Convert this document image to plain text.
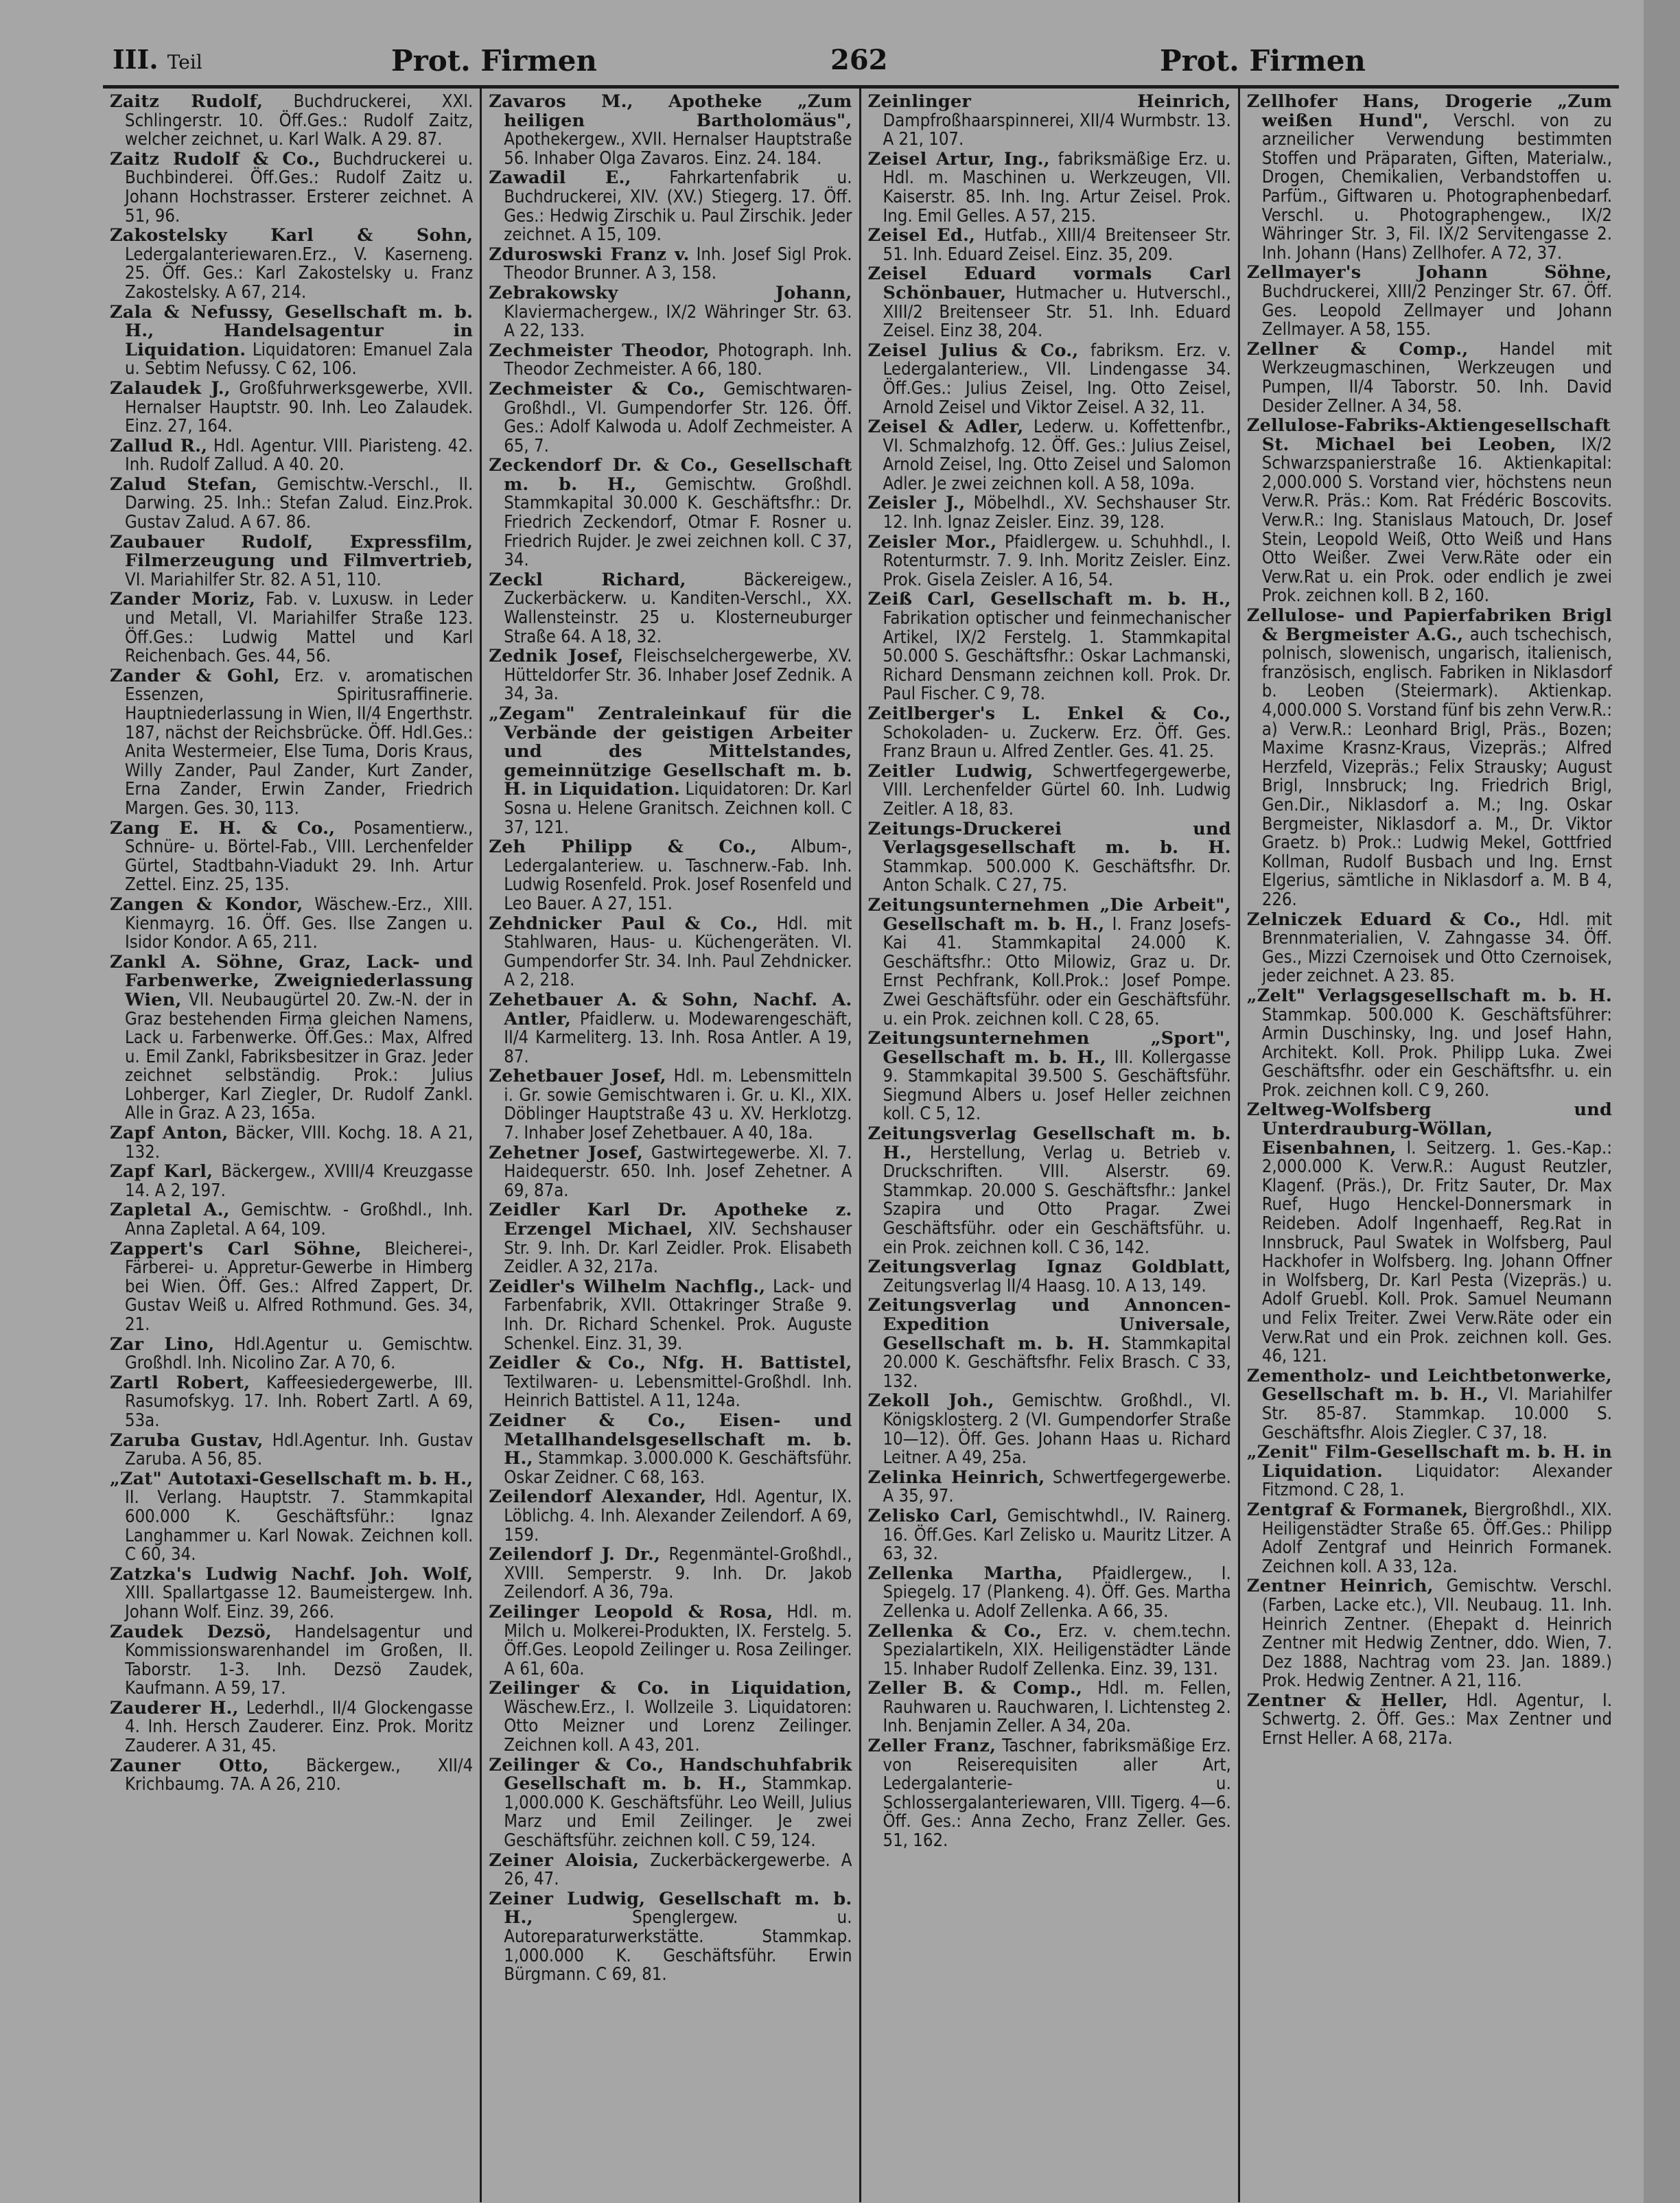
III. Teil	Prot. Firmen	262	Prot. Firmen
Zaitz Rudolf, Buchdruckerei, XXI. Schlingerstr. 10. Öff.Ges.: Rudolf Zaitz, welcher zeichnet, u. Karl Walk. A 29. 87.
Zaitz Rudolf & Co., Buchdruckerei u. Buchbinderei. Öff.Ges.: Rudolf Zaitz u. Johann Hochstrasser. Ersterer zeichnet. A 51, 96.
Zakostelsky Karl & Sohn, Ledergalanteriewaren.Erz., V. Kaserneng. 25. Öff. Ges.: Karl Zakostelsky u. Franz Zakostelsky. A 67, 214.
Zala & Nefussy, Gesellschaft m. b. H., Handelsagentur in Liquidation. Liquidatoren: Emanuel Zala u. Sebtim Nefussy. C 62, 106.
Zalaudek J., Großfuhrwerksgewerbe, XVII. Hernalser Hauptstr. 90. Inh. Leo Zalaudek. Einz. 27, 164.
Zallud R., Hdl. Agentur. VIII. Piaristeng. 42. Inh. Rudolf Zallud. A 40. 20.
Zalud Stefan, Gemischtw.-Verschl., II. Darwing. 25. Inh.: Stefan Zalud. Einz.Prok. Gustav Zalud. A 67. 86.
Zaubauer Rudolf, Expressfilm, Filmerzeugung und Filmvertrieb, VI. Mariahilfer Str. 82. A 51, 110.
Zander Moriz, Fab. v. Luxusw. in Leder und Metall, VI. Mariahilfer Straße 123. Öff.Ges.: Ludwig Mattel und Karl Reichenbach. Ges. 44, 56.
Zander & Gohl, Erz. v. aromatischen Essenzen, Spiritusraffinerie. Hauptniederlassung in Wien, II/4 Engerthstr. 187, nächst der Reichsbrücke. Öff. Hdl.Ges.: Anita Westermeier, Else Tuma, Doris Kraus, Willy Zander, Paul Zander, Kurt Zander, Erna Zander, Erwin Zander, Friedrich Margen. Ges. 30, 113.
Zang E. H. & Co., Posamentierw., Schnüre- u. Börtel-Fab., VIII. Lerchenfelder Gürtel, Stadtbahn-Viadukt 29. Inh. Artur Zettel. Einz. 25, 135.
Zangen & Kondor, Wäschew.-Erz., XIII. Kienmayrg. 16. Öff. Ges. Ilse Zangen u. Isidor Kondor. A 65, 211.
Zankl A. Söhne, Graz, Lack- und Farbenwerke, Zweigniederlassung Wien, VII. Neubaugürtel 20. Zw.-N. der in Graz bestehenden Firma gleichen Namens, Lack u. Farbenwerke. Öff.Ges.: Max, Alfred u. Emil Zankl, Fabriksbesitzer in Graz. Jeder zeichnet selbständig. Prok.: Julius Lohberger, Karl Ziegler, Dr. Rudolf Zankl. Alle in Graz. A 23, 165a.
Zapf Anton, Bäcker, VIII. Kochg. 18. A 21, 132.
Zapf Karl, Bäckergew., XVIII/4 Kreuzgasse 14. A 2, 197.
Zapletal A., Gemischtw. - Großhdl., Inh. Anna Zapletal. A 64, 109.
Zappert's Carl Söhne, Bleicherei-, Färberei- u. Appretur-Gewerbe in Himberg bei Wien. Öff. Ges.: Alfred Zappert, Dr. Gustav Weiß u. Alfred Rothmund. Ges. 34, 21.
Zar Lino, Hdl.Agentur u. Gemischtw. Großhdl. Inh. Nicolino Zar. A 70, 6.
Zartl Robert, Kaffeesiedergewerbe, III. Rasumofskyg. 17. Inh. Robert Zartl. A 69, 53a.
Zaruba Gustav, Hdl.Agentur. Inh. Gustav Zaruba. A 56, 85.
„Zat" Autotaxi-Gesellschaft m. b. H., II. Verlang. Hauptstr. 7. Stammkapital 600.000 K. Geschäftsführ.: Ignaz Langhammer u. Karl Nowak. Zeichnen koll. C 60, 34.
Zatzka's Ludwig Nachf. Joh. Wolf, XIII. Spallartgasse 12. Baumeistergew. Inh. Johann Wolf. Einz. 39, 266.
Zaudek Dezsö, Handelsagentur und Kommissionswarenhandel im Großen, II. Taborstr. 1-3. Inh. Dezsö Zaudek, Kaufmann. A 59, 17.
Zauderer H., Lederhdl., II/4 Glockengasse 4. Inh. Hersch Zauderer. Einz. Prok. Moritz Zauderer. A 31, 45.
Zauner Otto, Bäckergew., XII/4 Krichbaumg. 7A. A 26, 210.
Zavaros M., Apotheke „Zum heiligen Bartholomäus", Apothekergew., XVII. Hernalser Hauptstraße 56. Inhaber Olga Zavaros. Einz. 24. 184.
Zawadil E., Fahrkartenfabrik u. Buchdruckerei, XIV. (XV.) Stiegerg. 17. Öff. Ges.: Hedwig Zirschik u. Paul Zirschik. Jeder zeichnet. A 15, 109.
Zduroswski Franz v. Inh. Josef Sigl Prok. Theodor Brunner. A 3, 158.
Zebrakowsky Johann, Klaviermachergew., IX/2 Währinger Str. 63. A 22, 133.
Zechmeister Theodor, Photograph. Inh. Theodor Zechmeister. A 66, 180.
Zechmeister & Co., Gemischtwaren-Großhdl., VI. Gumpendorfer Str. 126. Öff. Ges.: Adolf Kalwoda u. Adolf Zechmeister. A 65, 7.
Zeckendorf Dr. & Co., Gesellschaft m. b. H., Gemischtw. Großhdl. Stammkapital 30.000 K. Geschäftsfhr.: Dr. Friedrich Zeckendorf, Otmar F. Rosner u. Friedrich Rujder. Je zwei zeichnen koll. C 37, 34.
Zeckl Richard,	Bäckereigew., Zuckerbäckerw. u. Kanditen-Verschl., XX. Wallensteinstr. 25 u. Klosterneuburger Straße 64. A 18, 32.
Zednik Josef, Fleischselchergewerbe, XV. Hütteldorfer Str. 36. Inhaber Josef Zednik. A 34, 3a.
„Zegam" Zentraleinkauf für die Verbände der geistigen Arbeiter und des Mittelstandes, gemeinnützige Gesellschaft m. b. H. in Liquidation. Liquidatoren: Dr. Karl Sosna u. Helene Granitsch. Zeichnen koll. C 37, 121.
Zeh Philipp & Co., Album-, Ledergalanteriew. u. Taschnerw.-Fab. Inh. Ludwig Rosenfeld. Prok. Josef Rosenfeld und Leo Bauer. A 27, 151.
Zehdnicker Paul & Co., Hdl. mit Stahlwaren, Haus- u. Küchengeräten. VI. Gumpendorfer Str. 34. Inh. Paul Zehdnicker. A 2, 218.
Zehetbauer A. & Sohn, Nachf. A. Antler, Pfaidlerw. u. Modewarengeschäft, II/4 Karmeliterg. 13. Inh. Rosa Antler. A 19, 87.
Zehetbauer Josef, Hdl. m. Lebensmitteln i. Gr. sowie Gemischtwaren i. Gr. u. Kl., XIX. Döblinger Hauptstraße 43 u. XV. Herklotzg. 7. Inhaber Josef Zehetbauer. A 40, 18a.
Zehetner Josef, Gastwirtegewerbe. XI. 7. Haidequerstr. 650. Inh. Josef Zehetner. A 69, 87a.
Zeidler Karl Dr. Apotheke z. Erzengel Michael, XIV. Sechshauser Str. 9. Inh. Dr. Karl Zeidler. Prok. Elisabeth Zeidler. A 32, 217a.
Zeidler's Wilhelm Nachflg., Lack- und Farbenfabrik, XVII. Ottakringer Straße 9. Inh. Dr. Richard Schenkel. Prok. Auguste Schenkel. Einz. 31, 39.
Zeidler & Co., Nfg. H. Battistel, Textilwaren- u. Lebensmittel-Großhdl. Inh. Heinrich Battistel. A 11, 124a.
Zeidner & Co., Eisen- und Metallhandelsgesellschaft m. b. H., Stammkap. 3.000.000 K. Geschäftsführ. Oskar Zeidner. C 68, 163.
Zeilendorf Alexander, Hdl. Agentur, IX. Löblichg. 4. Inh. Alexander Zeilendorf. A 69, 159.
Zeilendorf J. Dr., Regenmäntel-Großhdl., XVIII. Semperstr. 9. Inh. Dr. Jakob Zeilendorf. A 36, 79a.
Zeilinger Leopold & Rosa, Hdl. m. Milch u. Molkerei-Produkten, IX. Ferstelg. 5. Öff.Ges. Leopold Zeilinger u. Rosa Zeilinger. A 61, 60a.
Zeilinger & Co. in Liquidation, Wäschew.Erz., I. Wollzeile 3. Liquidatoren: Otto Meizner und Lorenz Zeilinger. Zeichnen koll. A 43, 201.
Zeilinger & Co., Handschuhfabrik Gesellschaft m. b. H., Stammkap. 1,000.000 K. Geschäftsführ. Leo Weill, Julius Marz und Emil Zeilinger. Je zwei Geschäftsführ. zeichnen koll. C 59, 124.
Zeiner Aloisia, Zuckerbäckergewerbe. A 26, 47.
Zeiner Ludwig, Gesellschaft m. b. H.,	Spenglergew. u. Autoreparaturwerkstätte. Stammkap. 1,000.000 K. Geschäftsführ. Erwin Bürgmann. C 69, 81.
Zeinlinger Heinrich, Dampfroßhaarspinnerei, XII/4 Wurmbstr. 13. A 21, 107.
Zeisel Artur, Ing., fabriksmäßige Erz. u. Hdl. m. Maschinen u. Werkzeugen, VII. Kaiserstr. 85. Inh. Ing. Artur Zeisel. Prok. Ing. Emil Gelles. A 57, 215.
Zeisel Ed., Hutfab., XIII/4 Breitenseer Str. 51. Inh. Eduard Zeisel. Einz. 35, 209.
Zeisel Eduard vormals Carl Schönbauer, Hutmacher u. Hutverschl., XIII/2 Breitenseer Str. 51. Inh. Eduard Zeisel. Einz 38, 204.
Zeisel Julius & Co., fabriksm. Erz. v. Ledergalanteriew., VII. Lindengasse 34. Öff.Ges.: Julius Zeisel, Ing. Otto Zeisel, Arnold Zeisel und Viktor Zeisel. A 32, 11.
Zeisel & Adler, Lederw. u. Koffettenfbr., VI. Schmalzhofg. 12. Öff. Ges.: Julius Zeisel, Arnold Zeisel, Ing. Otto Zeisel und Salomon Adler. Je zwei zeichnen koll. A 58, 109a.
Zeisler J., Möbelhdl., XV. Sechshauser Str. 12. Inh. Ignaz Zeisler. Einz. 39, 128.
Zeisler Mor., Pfaidlergew. u. Schuhhdl., I. Rotenturmstr. 7. 9. Inh. Moritz Zeisler. Einz. Prok. Gisela Zeisler. A 16, 54.
Zeiß Carl, Gesellschaft m. b. H., Fabrikation optischer und feinmechanischer Artikel, IX/2 Ferstelg. 1. Stammkapital 50.000 S. Geschäftsfhr.: Oskar Lachmanski, Richard Densmann zeichnen koll. Prok. Dr. Paul Fischer. C 9, 78.
Zeitlberger's L. Enkel & Co., Schokoladen- u. Zuckerw. Erz. Öff. Ges. Franz Braun u. Alfred Zentler. Ges. 41. 25.
Zeitler Ludwig, Schwertfegergewerbe, VIII. Lerchenfelder Gürtel 60. Inh. Ludwig Zeitler. A 18, 83.
Zeitungs-Druckerei und Verlagsgesellschaft m. b. H. Stammkap. 500.000 K. Geschäftsfhr. Dr. Anton Schalk. C 27, 75.
Zeitungsunternehmen „Die Arbeit", Gesellschaft m. b. H., I. Franz Josefs-Kai 41. Stammkapital 24.000 K. Geschäftsfhr.: Otto Milowiz, Graz u. Dr. Ernst Pechfrank, Koll.Prok.: Josef Pompe. Zwei Geschäftsführ. oder ein Geschäftsführ. u. ein Prok. zeichnen koll. C 28, 65.
Zeitungsunternehmen „Sport", Gesellschaft m. b. H., III. Kollergasse 9. Stammkapital 39.500 S. Geschäftsführ. Siegmund Albers u. Josef Heller zeichnen koll. C 5, 12.
Zeitungsverlag Gesellschaft m. b. H., Herstellung, Verlag u. Betrieb v. Druckschriften. VIII. Alserstr. 69. Stammkap. 20.000 S. Geschäftsfhr.: Jankel Szapira und Otto Pragar. Zwei Geschäftsführ. oder ein Geschäftsführ. u. ein Prok. zeichnen koll. C 36, 142.
Zeitungsverlag Ignaz Goldblatt, Zeitungsverlag II/4 Haasg. 10. A 13, 149.
Zeitungsverlag und Annoncen-Expedition Universale, Gesellschaft m. b. H. Stammkapital 20.000 K. Geschäftsfhr. Felix Brasch. C 33, 132.
Zekoll Joh., Gemischtw. Großhdl., VI. Königsklosterg. 2 (VI. Gumpendorfer Straße 10—12). Öff. Ges. Johann Haas u. Richard Leitner. A 49, 25a.
Zelinka Heinrich, Schwertfegergewerbe. A 35, 97.
Zelisko Carl, Gemischtwhdl., IV. Rainerg. 16. Öff.Ges. Karl Zelisko u. Mauritz Litzer. A 63, 32.
Zellenka Martha, Pfaidlergew., I. Spiegelg. 17 (Plankeng. 4). Öff. Ges. Martha Zellenka u. Adolf Zellenka. A 66, 35.
Zellenka & Co., Erz. v. chem.techn. Spezialartikeln, XIX. Heiligenstädter Lände 15. Inhaber Rudolf Zellenka. Einz. 39, 131.
Zeller B. & Comp., Hdl. m. Fellen, Rauhwaren u. Rauchwaren, I. Lichtensteg 2. Inh. Benjamin Zeller. A 34, 20a.
Zeller Franz, Taschner, fabriksmäßige Erz. von Reiserequisiten aller Art, Ledergalanterie- u. Schlossergalanteriewaren, VIII. Tigerg. 4—6. Öff. Ges.: Anna Zecho, Franz Zeller. Ges. 51, 162.
Zellhofer Hans, Drogerie „Zum weißen Hund", Verschl. von zu arzneilicher Verwendung bestimmten Stoffen und Präparaten, Giften, Materialw., Drogen, Chemikalien, Verbandstoffen u. Parfüm., Giftwaren u. Photographenbedarf. Verschl. u. Photographengew., IX/2 Währinger Str. 3, Fil. IX/2 Servitengasse 2. Inh. Johann (Hans) Zellhofer. A 72, 37.
Zellmayer's Johann Söhne, Buchdruckerei, XIII/2 Penzinger Str. 67. Öff. Ges. Leopold Zellmayer und Johann Zellmayer. A 58, 155.
Zellner & Comp., Handel mit Werkzeugmaschinen, Werkzeugen und Pumpen, II/4 Taborstr. 50. Inh. David Desider Zellner. A 34, 58.
Zellulose-Fabriks-Aktiengesellschaft St. Michael bei Leoben, IX/2 Schwarzspanierstraße 16. Aktienkapital: 2,000.000 S. Vorstand vier, höchstens neun Verw.R. Präs.: Kom. Rat Frédéric Boscovits. Verw.R.: Ing. Stanislaus Matouch, Dr. Josef Stein, Leopold Weiß, Otto Weiß und Hans Otto Weißer. Zwei Verw.Räte oder ein Verw.Rat u. ein Prok. oder endlich je zwei Prok. zeichnen koll. B 2, 160.
Zellulose- und Papierfabriken Brigl & Bergmeister A.G., auch tschechisch, polnisch, slowenisch, ungarisch, italienisch, französisch, englisch. Fabriken in Niklasdorf b. Leoben (Steiermark). Aktienkap. 4,000.000 S. Vorstand fünf bis zehn Verw.R.: a) Verw.R.: Leonhard Brigl, Präs., Bozen; Maxime Krasnz-Kraus, Vizepräs.; Alfred Herzfeld, Vizepräs.; Felix Strausky; August Brigl, Innsbruck; Ing. Friedrich Brigl, Gen.Dir., Niklasdorf a. M.; Ing. Oskar Bergmeister, Niklasdorf a. M., Dr. Viktor Graetz. b) Prok.: Ludwig Mekel, Gottfried Kollman, Rudolf Busbach und Ing. Ernst Elgerius, sämtliche in Niklasdorf a. M. B 4, 226.
Zelniczek Eduard & Co., Hdl. mit Brennmaterialien, V. Zahngasse 34. Öff. Ges., Mizzi Czernoisek und Otto Czernoisek, jeder zeichnet. A 23. 85.
„Zelt" Verlagsgesellschaft m. b. H. Stammkap. 500.000 K. Geschäftsführer: Armin Duschinsky, Ing. und Josef Hahn, Architekt. Koll. Prok. Philipp Luka. Zwei Geschäftsfhr. oder ein Geschäftsfhr. u. ein Prok. zeichnen koll. C 9, 260.
Zeltweg-Wolfsberg und Unterdrauburg-Wöllan, Eisenbahnen, I. Seitzerg. 1. Ges.-Kap.: 2,000.000 K. Verw.R.: August Reutzler, Klagenf. (Präs.), Dr. Fritz Sauter, Dr. Max Ruef, Hugo Henckel-Donnersmark in Reideben. Adolf Ingenhaeff, Reg.Rat in Innsbruck, Paul Swatek in Wolfsberg, Paul Hackhofer in Wolfsberg. Ing. Johann Offner in Wolfsberg, Dr. Karl Pesta (Vizepräs.) u. Adolf Gruebl. Koll. Prok. Samuel Neumann und Felix Treiter. Zwei Verw.Räte oder ein Verw.Rat und ein Prok. zeichnen koll. Ges. 46, 121.
Zementholz- und Leichtbetonwerke, Gesellschaft m. b. H., VI. Mariahilfer Str. 85-87. Stammkap. 10.000 S. Geschäftsfhr. Alois Ziegler. C 37, 18.
„Zenit" Film-Gesellschaft m. b. H. in Liquidation. Liquidator: Alexander Fitzmond. C 28, 1.
Zentgraf & Formanek, Biergroßhdl., XIX. Heiligenstädter Straße 65. Öff.Ges.: Philipp Adolf Zentgraf und Heinrich Formanek. Zeichnen koll. A 33, 12a.
Zentner Heinrich, Gemischtw. Verschl. (Farben, Lacke etc.), VII. Neubaug. 11. Inh. Heinrich Zentner. (Ehepakt d. Heinrich Zentner mit Hedwig Zentner, ddo. Wien, 7. Dez 1888, Nachtrag vom 23. Jan. 1889.) Prok. Hedwig Zentner. A 21, 116.
Zentner & Heller, Hdl. Agentur, I. Schwertg. 2. Öff. Ges.: Max Zentner und Ernst Heller. A 68, 217a.
